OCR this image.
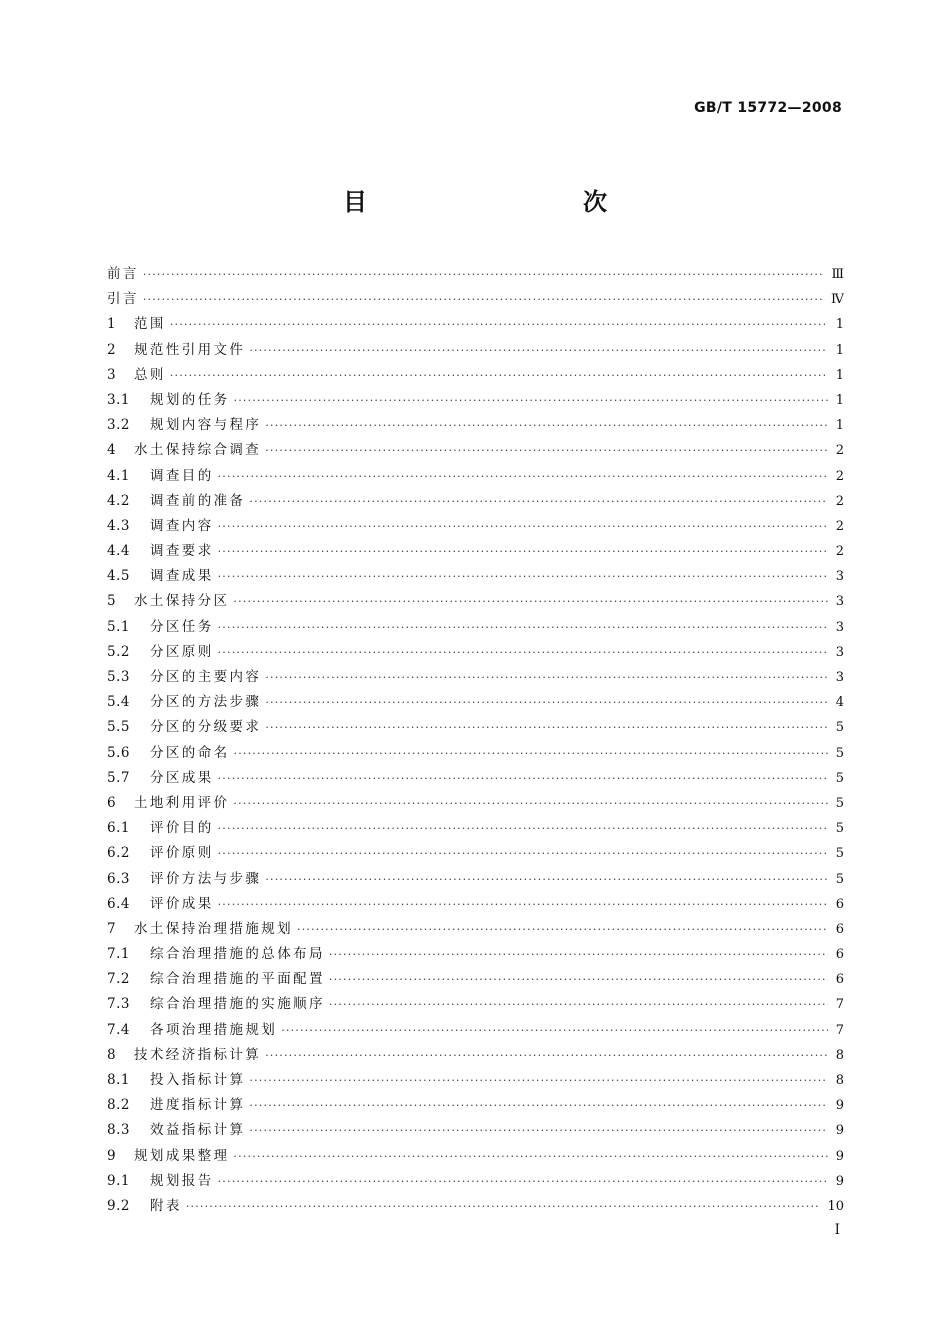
GB/T 15772—2008
目　　次
前言 ·····	Ⅲ
引言 ·····	Ⅳ
1	范围 ·····	1
2	规范性引用文件 ·····	1
3	总则 ·····	1
3.1	规划的任务 ·····	1
3.2	规划内容与程序 ·····	1
4	水土保持综合调查 ·····	2
4.1	调查目的 ·····	2
4.2	调查前的准备 ·····	2
4.3	调查内容 ·····	2
4.4	调查要求 ·····	2
4.5	调查成果 ·····	3
5	水土保持分区 ·····	3
5.1	分区任务 ·····	3
5.2	分区原则 ·····	3
5.3	分区的主要内容 ·····	3
5.4	分区的方法步骤 ·····	4
5.5	分区的分级要求 ·····	5
5.6	分区的命名 ·····	5
5.7	分区成果 ·····	5
6	土地利用评价 ·····	5
6.1	评价目的 ·····	5
6.2	评价原则 ·····	5
6.3	评价方法与步骤 ·····	5
6.4	评价成果 ·····	6
7	水土保持治理措施规划 ·····	6
7.1	综合治理措施的总体布局 ·····	6
7.2	综合治理措施的平面配置 ·····	6
7.3	综合治理措施的实施顺序 ·····	7
7.4	各项治理措施规划 ·····	7
8	技术经济指标计算 ·····	8
8.1	投入指标计算 ·····	8
8.2	进度指标计算 ·····	9
8.3	效益指标计算 ·····	9
9	规划成果整理 ·····	9
9.1	规划报告 ·····	9
9.2	附表 ·····	10
Ⅰ
